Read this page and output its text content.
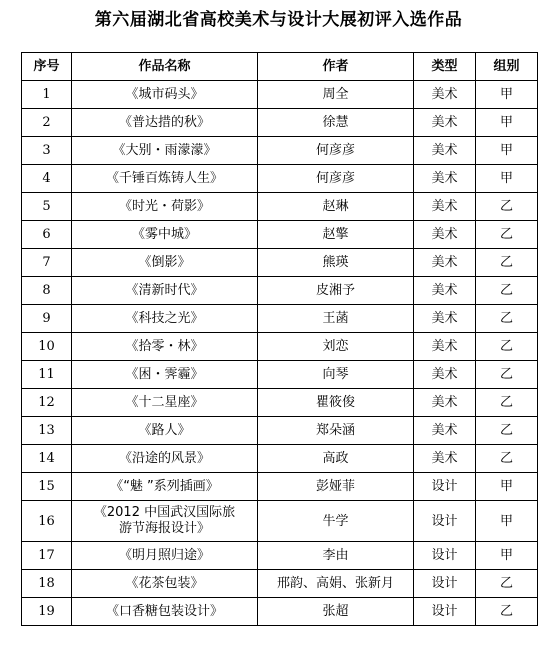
第六届湖北省高校美术与设计大展初评入选作品
序号	作品名称	作者	类型	组别
1	《城市码头》	周全	美术	甲
2	《普达措的秋》	徐慧	美术	甲
3	《大别・雨濛濛》	何彦彦	美术	甲
4	《千锤百炼铸人生》	何彦彦	美术	甲
5	《时光・荷影》	赵琳	美术	乙
6	《雾中城》	赵擎	美术	乙
7	《倒影》	熊瑛	美术	乙
8	《清新时代》	皮湘予	美术	乙
9	《科技之光》	王菡	美术	乙
10	《拾零・林》	刘恋	美术	乙
11	《困・霁霾》	向琴	美术	乙
12	《十二星座》	瞿筱俊	美术	乙
13	《路人》	郑朵涵	美术	乙
14	《沿途的风景》	高政	美术	乙
15	《“魅 ”系列插画》	彭娅菲	设计	甲
16	《2012 中国武汉国际旅游节海报设计》	牛学	设计	甲
17	《明月照归途》	李由	设计	甲
18	《花茶包装》	邢韵、高娟、张新月	设计	乙
19	《口香糖包装设计》	张超	设计	乙
